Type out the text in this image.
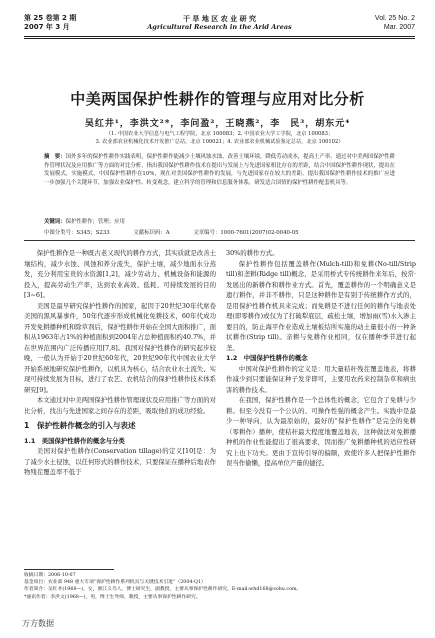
第 25 卷第 2 期
2007 年 3 月
干 旱 地 区 农 业 研 究
Agricultural Research in the Arid Areas
Vol. 25 No. 2
Mar. 2007
中美两国保护性耕作的管理与应用对比分析
吴红井¹，李洪文²*，李问盈²，王晓燕²，李　民³，胡东元⁴
（1. 中国农业大学信息与电气工程学院，北京 100083；2. 中国农业大学工学院，北京 100083；
3. 农业部农业机械化技术开发推广总站，北京 100021；4. 农业部农业机械试验鉴定总站，北京 100102）
摘　要：国外多年的保护性耕作实践表明，保护性耕作能减少土壤风蚀水蚀，改善土壤环境，降低劳动成本，提高土产率。通过对中美两国保护性耕作管理状况及应用推广等方面的对比分析，指出我国保护性耕作技术在提出与发展上与先进国家相比存在的差距，结合中国保护性耕作现状，提出在发展模式，实施模式，中国保护性耕作在10%，现在对美国保护性耕作的发展，与先进国家存在较大的差距。提出我国保护性耕作技术的推广应进一步加强几个关键环节，加强农业保护性、转变观念，建立科学的管理和信息服务体系，研发适合国情的保护性耕作配套机具等。
关键词：保护性耕作；管理；应用
中图分类号：S345；S233	文献标识码：A	文章编号：1000-7601(2007)02-0040-05

保护性耕作是一种既古老又现代的耕作方式，其实质就是改善土壤结构，减少水蚀、风蚀和养分流失，保护土壤，减少地面水分蒸发，充分利用宝贵的水资源[1,2]，减少劳动力、机械设备和能源的投入，提高劳动生产率，达到农业高效、低耗、可持续发展的目的[3~6]。

美国是最早研究保护性耕作的国家，起因于20世纪30年代席卷美国的黑风暴事件，50年代逐步形成机械化免耕技术，60年代成功开发免耕播种机和除草剂后，保护性耕作开始在全国大面积推广，面积从1963年占1%的种植面积到2004年占总种植面积约40.7%，并在世界范围内广泛传播应用[7,8]。我国对保护性耕作的研究起步较晚，一般认为开始于20世纪60年代，20世纪90年代中国农业大学开始系统地研究保护性耕作，以机具为核心，结合农业水土流失、实现可持续发展为目标，进行了农艺、农机结合的保护性耕作技术体系研究[9]。

本文通过对中美两国保护性耕作管理现状及应用推广等方面的对比分析，找出与先进国家之间存在的差距，吸取他们的成功经验。

1　保护性耕作概念的引入与表述
1.1　美国保护性耕作的概念与分类

美国对保护性耕作(Conservation tillage)的定义[10]是：为了减少水土侵蚀，以任何形式的耕作技术，只要保证在播种后地表作物残茬覆盖率不低于

30%的耕作方式。

保护性耕作包括覆盖耕作(Mulch-till)和免耕(No-till/Strip till)和垄耕(Ridge till)概念，是采用桥式专传统耕作来年后，按常·发展出的新耕作和耕作业方式。首先，覆盖耕作的一个明确意义是遗行耕作，并非不耕作，只是这种耕作是有别于传统耕作方式的，是用保护性耕作机具来完成；而免耕是不进行任何的耕作与地表处理(即零耕作)或仅为了打破犁底层，疏松土壤，增加雨(雪)水入渗主要目的，防止海平作业造成土壤板结所实施的动土量很小的一种条状耕作(Strip till)。亲耕与免耕作业相同，仅在播种季节进行起垄。

1.2　中国保护性耕作的概念

中国对保护性耕作的定义是：用大量秸秆残茬覆盖地表，将耕作减少到只要能保证种子发芽即可，主要用农药来控制杂草和病虫害的耕作技术。

在我国，保护性耕作是一个总体性的概念，它包含了免耕与少耕。但至今没有一个公认的、可操作性强的概念产生。实践中是最少一种导向，认为最原始的，最好的“保护性耕作”是完全的免耕（零耕作）播种，使秸秆最大程度地覆盖地表，这种做法对免耕播种机的作业性能提出了很高要求，因而推广免耕播种机的适应性研究上也下功夫。更由于宣传引导的偏颇，致使许多人把保护性耕作误当作偷懒，提高单位产量的捷径。

收稿日期：2006-10-07
基金项目：农业部 948 重大专项“保护性耕作系列机具与关键技术引进”（2004-Q1）
作者简介：吴红井(1968—)，女，浙江义乌人，博士研究生，副教授，主要从事保护性耕作研究。E-mail:whd168@sohu.com。
*通讯作者：李洪文(1968—)，男，博士生导师，教授，主要从事保护性耕作研究。
万方数据
